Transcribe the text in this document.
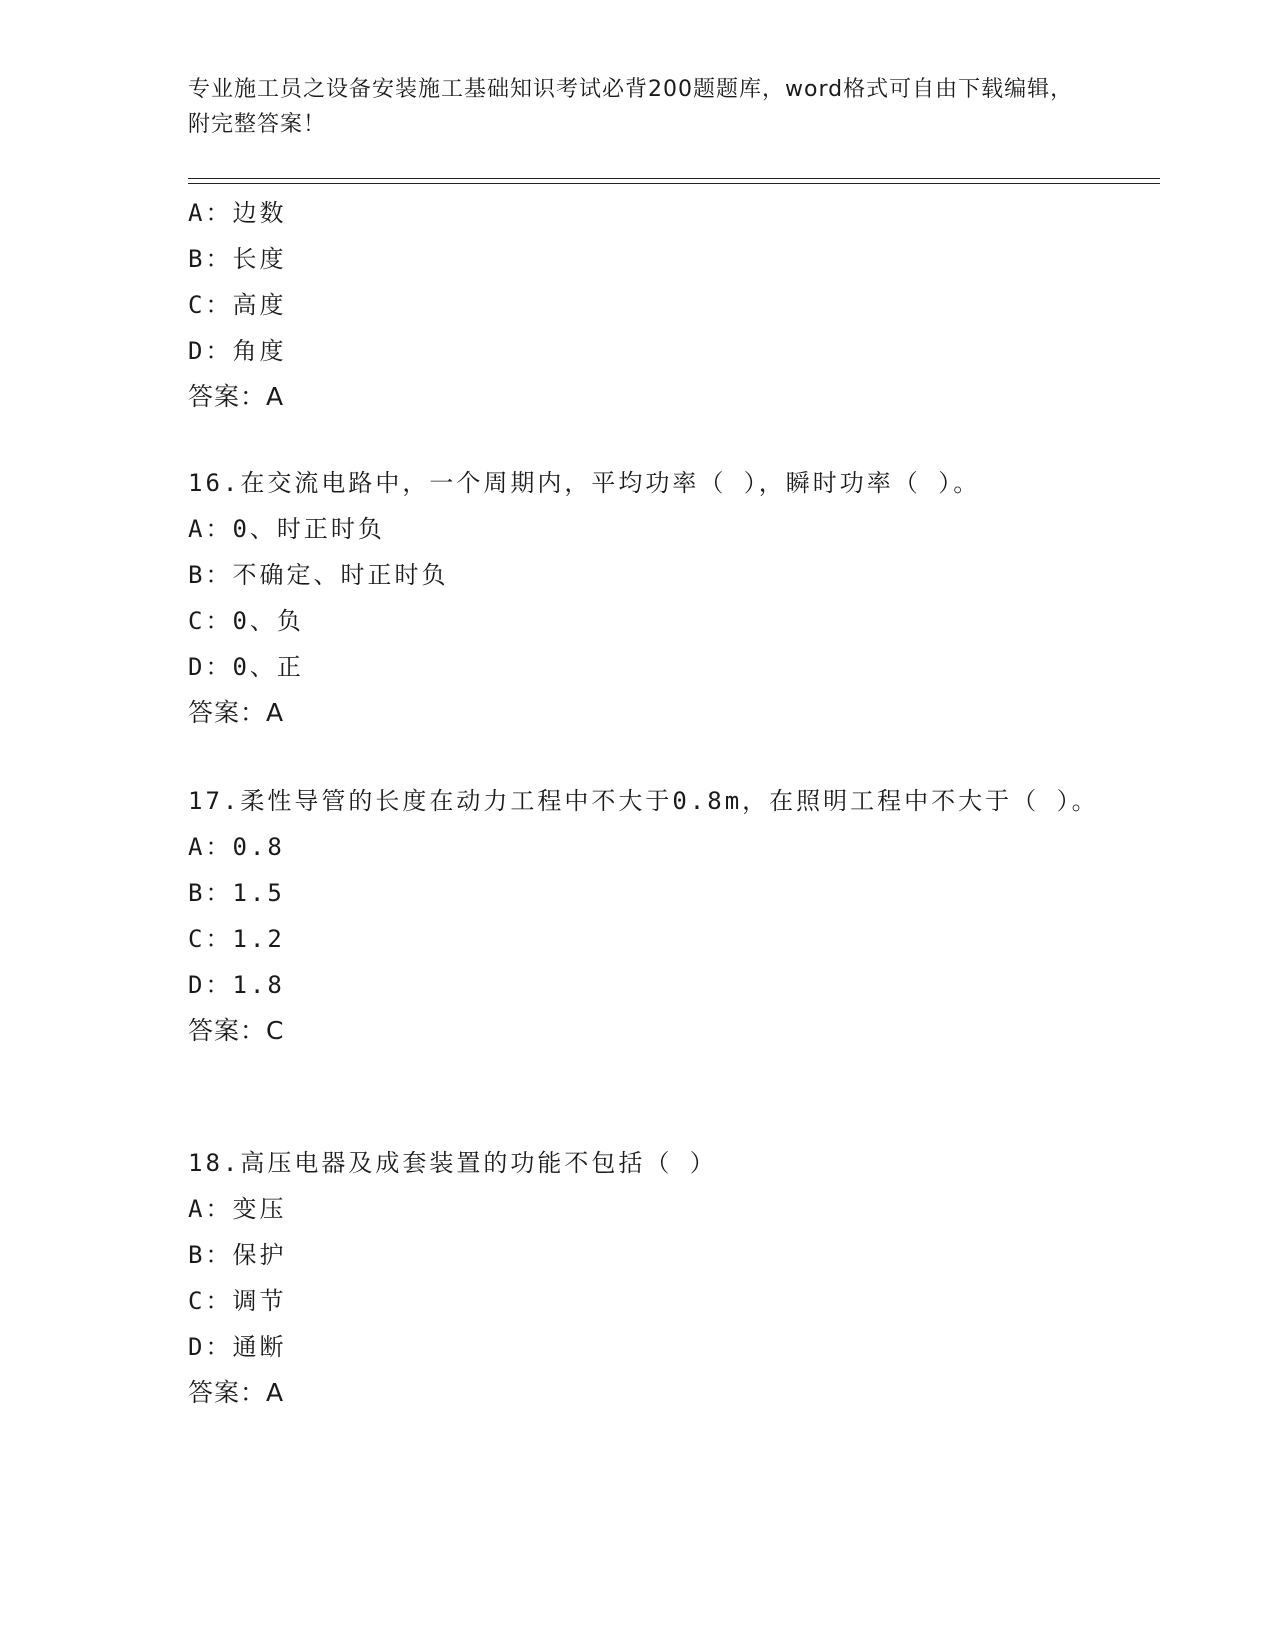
专业施工员之设备安装施工基础知识考试必背200题题库，word格式可自由下载编辑，附完整答案！
A：边数
B：长度
C：高度
D：角度
答案：A
16.在交流电路中，一个周期内，平均功率（ ），瞬时功率（ ）。
A：0、时正时负
B：不确定、时正时负
C：0、负
D：0、正
答案：A
17.柔性导管的长度在动力工程中不大于0.8m，在照明工程中不大于（ ）。
A：0.8
B：1.5
C：1.2
D：1.8
答案：C
18.高压电器及成套装置的功能不包括（ ）
A：变压
B：保护
C：调节
D：通断
答案：A
